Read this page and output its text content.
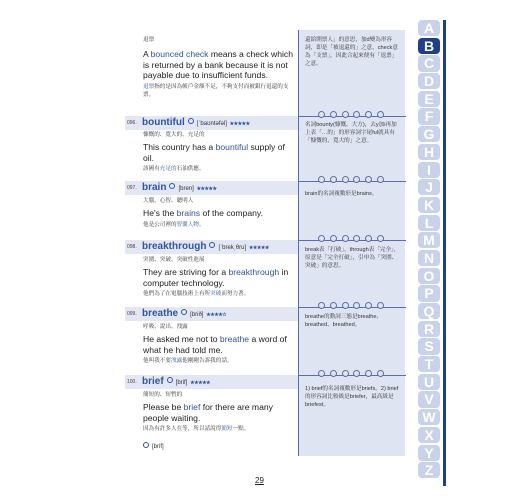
退票
A bounced check means a check which is returned by a bank because it is not payable due to insufficient funds.
退票指的是因為帳戶金額不足，不夠支付而被銀行退還的支票。
還給開票人」的意思，加d變為形容詞，即是「被退還的」之意，check意為「支票」，因此合起來便有「退票」之意。
096. bountiful [ˈbaʊntəfəl] ★★★★★
慷慨的、寬大的、充足的
This country has a bountiful supply of oil.
該國有充足的石油供應。
名詞bounty(慷慨、大方)，去y加i再加上表「…的」的形容詞字尾ful就具有「慷慨的、寬大的」之意。
097. brain [bren] ★★★★★
大腦、心智、聰明人
He's the brains of the company.
他是公司裡的智囊人物。
brain的名詞複數形是brains。
098. breakthrough [ˈbrek͵θru] ★★★★★
突圍、突破、突破性進展
They are striving for a breakthrough in computer technology.
他們為了在電腦技術上有所突破而努力著。
break表「打破」，through表「完全」，原意是「完全打破」，引申為「突圍、突破」的意思。
099. breathe [brið] ★★★★☆
呼吸、說出、洩露
He asked me not to breathe a word of what he had told me.
他叫我不要洩露他剛剛告訴我的話。
breathe的動詞三態是breathe、breathed、breathed。
100. brief [brif] ★★★★★
簡短的、短暫的
Please be brief for there are many people waiting.
因為有許多人在等，所以請說得簡短一點。
[brif]
1) brief的名詞複數形是briefs。2) brief的形容詞比較級是briefer，最高級是briefest。
A
B
C
D
E
F
G
H
I
J
K
L
M
N
O
P
Q
R
S
T
U
V
W
X
Y
Z
29
